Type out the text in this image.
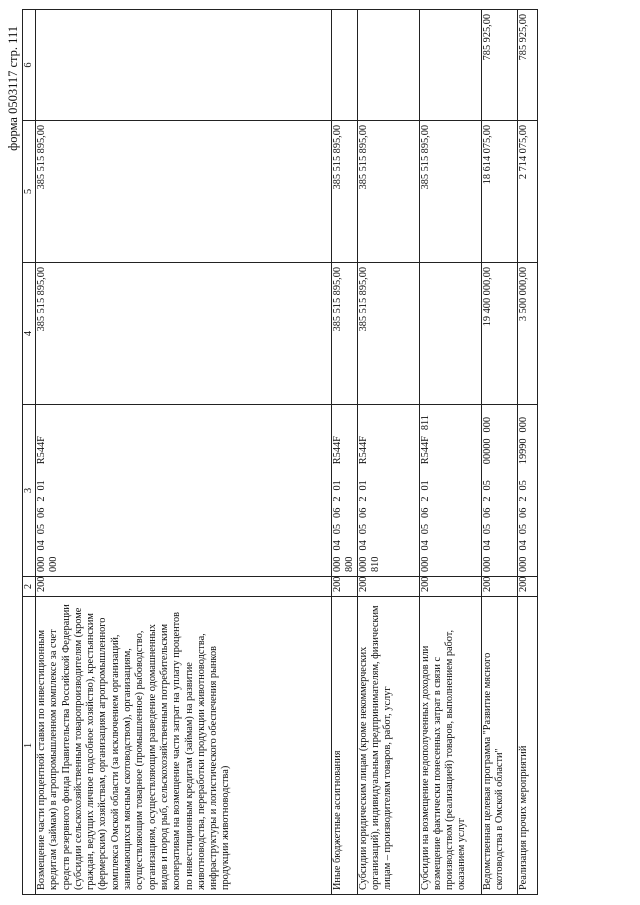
форма 0503117 стр. 111
1	2	3	4	5	6
Возмещение части процентной ставки по инвестиционным кредитам (займам) в агропромышленном комплексе за счет средств резервного фонда Правительства Российской Федерации (субсидии сельскохозяйственным товаропроизводителям (кроме граждан, ведущих личное подсобное хозяйство), крестьянским (фермерским) хозяйствам, организациям агропромышленного комплекса Омской области (за исключением организаций, занимающихся мясным скотоводством), организациям, осуществляющим товарное (промышленное) рыбоводство, организациям, осуществляющим разведение одомашненных видов и пород рыб, сельскохозяйственным потребительским кооперативам на возмещение части затрат на уплату процентов по инвестиционным кредитам (займам) на развитие животноводства, переработки продукции животноводства, инфраструктуры и логистического обеспечения рынков продукции животноводства)	200	000040506201R544F000	385 515 895,00	385 515 895,00	
Иные бюджетные ассигнования	200	000040506201R544F800	385 515 895,00	385 515 895,00	
Субсидии юридическим лицам (кроме некоммерческих организаций), индивидуальным предпринимателям, физическим лицам – производителям товаров, работ, услуг	200	000040506201R544F810	385 515 895,00	385 515 895,00	
Субсидии на возмещение недополученных доходов или возмещение фактически понесенных затрат в связи с производством (реализацией) товаров, выполнением работ, оказанием услуг	200	000040506201R544F811		385 515 895,00	
Ведомственная целевая программа "Развитие мясного скотоводства в Омской области"	200	00004050620500000000	19 400 000,00	18 614 075,00	785 925,00
Реализация прочих мероприятий	200	00004050620519990000	3 500 000,00	2 714 075,00	785 925,00
